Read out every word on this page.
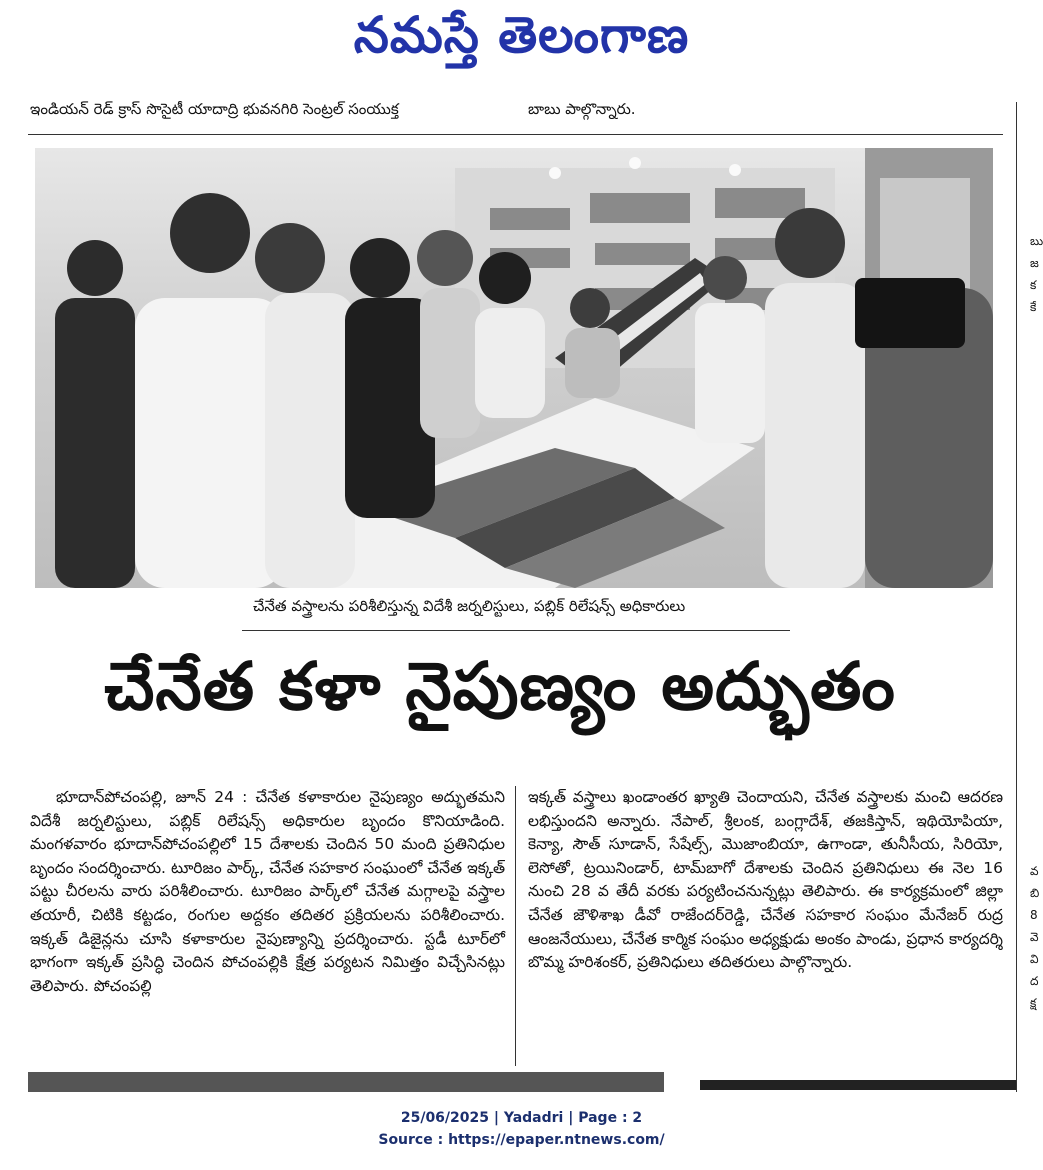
నమస్తే తెలంగాణ
ఇండియన్ రెడ్ క్రాస్ సొసైటీ యాదాద్రి భువనగిరి సెంట్రల్ సంయుక్త	బాబు పాల్గొన్నారు.
బు
జ
క
కే
వ
బి
8
వె
వి
ద
క్ష
చేనేత వస్త్రాలను పరిశీలిస్తున్న విదేశీ జర్నలిస్టులు, పబ్లిక్ రిలేషన్స్ అధికారులు
చేనేత కళా నైపుణ్యం అద్భుతం

భూదాన్‌పోచంపల్లి, జూన్ 24 : చేనేత కళాకారుల నైపుణ్యం అద్భుతమని విదేశీ జర్నలిస్టులు, పబ్లిక్ రిలేషన్స్ అధికారుల బృందం కొనియాడింది. మంగళవారం భూదాన్‌పోచంపల్లిలో 15 దేశాలకు చెందిన 50 మంది ప్రతినిధుల బృందం సందర్శించారు. టూరిజం పార్క్, చేనేత సహకార సంఘంలో చేనేత ఇక్కత్ పట్టు చీరలను వారు పరిశీలించారు. టూరిజం పార్క్‌లో చేనేత మగ్గాలపై వస్త్రాల తయారీ, చిటికి కట్టడం, రంగుల అద్దకం తదితర ప్రక్రియలను పరిశీలించారు. ఇక్కత్ డిజైన్లను చూసి కళాకారుల నైపుణ్యాన్ని ప్రదర్శించారు. స్టడీ టూర్‌లో భాగంగా ఇక్కత్ ప్రసిద్ధి చెందిన పోచంపల్లికి క్షేత్ర పర్యటన నిమిత్తం విచ్చేసినట్లు తెలిపారు. పోచంపల్లి

ఇక్కత్ వస్త్రాలు ఖండాంతర ఖ్యాతి చెందాయని, చేనేత వస్త్రాలకు మంచి ఆదరణ లభిస్తుందని అన్నారు. నేపాల్, శ్రీలంక, బంగ్లాదేశ్, తజకిస్తాన్, ఇథియోపియా, కెన్యా, సౌత్ సూడాన్, సేషేల్స్, మొజాంబియా, ఉగాండా, తునీసీయ, సిరియో, లెసోతో, ట్రయినిండార్, టామ్‌బాగో దేశాలకు చెందిన ప్రతినిధులు ఈ నెల 16 నుంచి 28 వ తేదీ వరకు పర్యటించనున్నట్లు తెలిపారు. ఈ కార్యక్రమంలో జిల్లా చేనేత జౌళిశాఖ డీవో రాజేందర్‌రెడ్డి, చేనేత సహకార సంఘం మేనేజర్ రుద్ర ఆంజనేయులు, చేనేత కార్మిక సంఘం అధ్యక్షుడు అంకం పాండు, ప్రధాన కార్యదర్శి బొమ్మ హరిశంకర్, ప్రతినిధులు తదితరులు పాల్గొన్నారు.

25/06/2025 | Yadadri | Page : 2
Source : https://epaper.ntnews.com/
